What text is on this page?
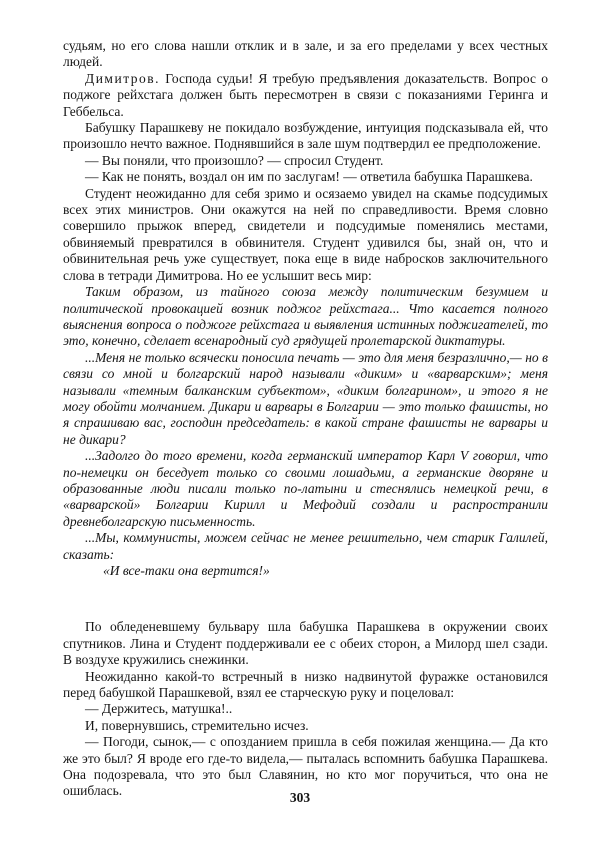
судьям, но его слова нашли отклик и в зале, и за его пределами у всех честных людей.

Димитров. Господа судьи! Я требую предъявления доказательств. Вопрос о поджоге рейхстага должен быть пересмотрен в связи с показаниями Геринга и Геббельса.

Бабушку Парашкеву не покидало возбуждение, интуиция подсказывала ей, что произошло нечто важное. Поднявшийся в зале шум подтвердил ее предположение.

— Вы поняли, что произошло? — спросил Студент.

— Как не понять, воздал он им по заслугам! — ответила бабушка Парашкева.

Студент неожиданно для себя зримо и осязаемо увидел на скамье подсудимых всех этих министров. Они окажутся на ней по справедливости. Время словно совершило прыжок вперед, свидетели и подсудимые поменялись местами, обвиняемый превратился в обвинителя. Студент удивился бы, знай он, что и обвинительная речь уже существует, пока еще в виде набросков заключительного слова в тетради Димитрова. Но ее услышит весь мир:

Таким образом, из тайного союза между политическим безумием и политической провокацией возник поджог рейхстага... Что касается полного выяснения вопроса о поджоге рейхстага и выявления истинных поджигателей, то это, конечно, сделает всенародный суд грядущей пролетарской диктатуры.

...Меня не только всячески поносила печать — это для меня безразлично,— но в связи со мной и болгарский народ называли «диким» и «варварским»; меня называли «темным балканским субъектом», «диким болгарином», и этого я не могу обойти молчанием. Дикари и варвары в Болгарии — это только фашисты, но я спрашиваю вас, господин председатель: в какой стране фашисты не варвары и не дикари?

...Задолго до того времени, когда германский император Карл V говорил, что по-немецки он беседует только со своими лошадьми, а германские дворяне и образованные люди писали только по-латыни и стеснялись немецкой речи, в «варварской» Болгарии Кирилл и Мефодий создали и распространили древнеболгарскую письменность.

...Мы, коммунисты, можем сейчас не менее решительно, чем старик Галилей, сказать:

«И все-таки она вертится!»

По обледеневшему бульвару шла бабушка Парашкева в окружении своих спутников. Лина и Студент поддерживали ее с обеих сторон, а Милорд шел сзади. В воздухе кружились снежинки.

Неожиданно какой-то встречный в низко надвинутой фуражке остановился перед бабушкой Парашкевой, взял ее старческую руку и поцеловал:

— Держитесь, матушка!..

И, повернувшись, стремительно исчез.

— Погоди, сынок,— с опозданием пришла в себя пожилая женщина.— Да кто же это был? Я вроде его где-то видела,— пыталась вспомнить бабушка Парашкева. Она подозревала, что это был Славянин, но кто мог поручиться, что она не ошиблась.	303
